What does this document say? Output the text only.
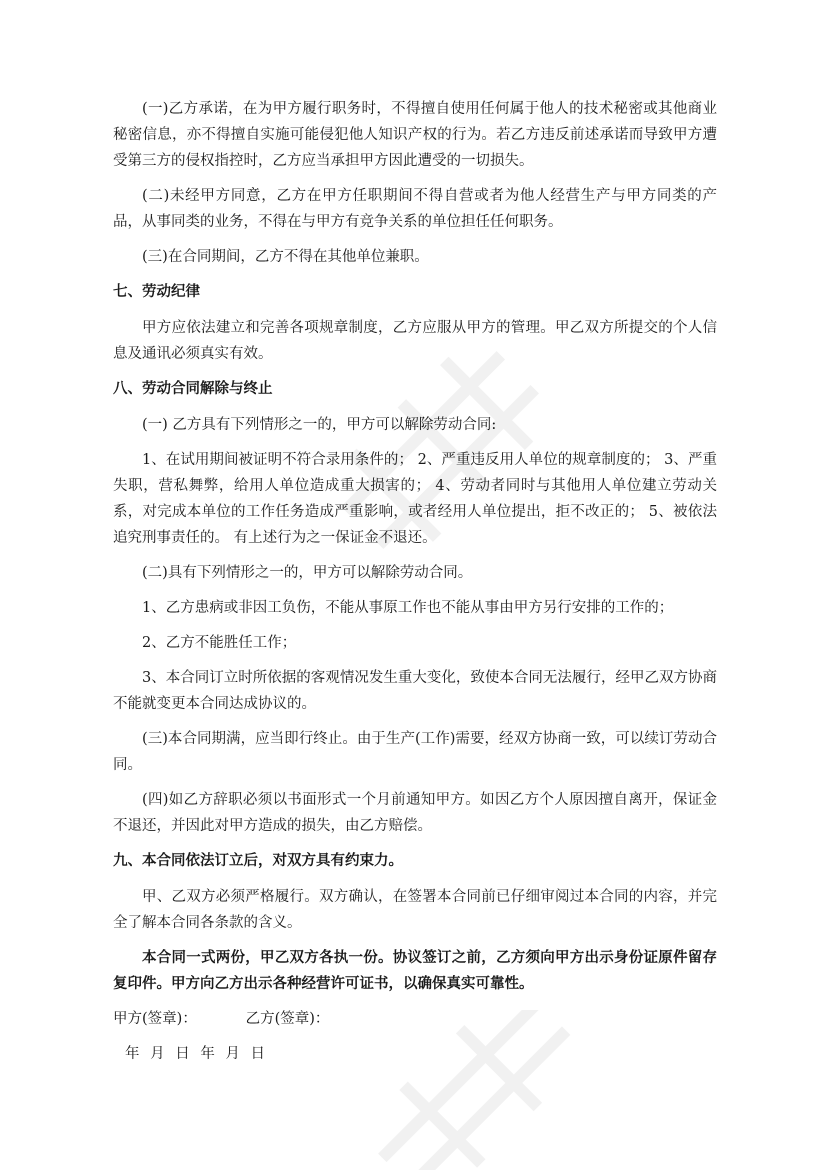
(一)乙方承诺，在为甲方履行职务时，不得擅自使用任何属于他人的技术秘密或其他商业秘密信息，亦不得擅自实施可能侵犯他人知识产权的行为。若乙方违反前述承诺而导致甲方遭受第三方的侵权指控时，乙方应当承担甲方因此遭受的一切损失。

(二)未经甲方同意，乙方在甲方任职期间不得自营或者为他人经营生产与甲方同类的产品，从事同类的业务，不得在与甲方有竞争关系的单位担任任何职务。

(三)在合同期间，乙方不得在其他单位兼职。

七、劳动纪律

甲方应依法建立和完善各项规章制度，乙方应服从甲方的管理。甲乙双方所提交的个人信息及通讯必须真实有效。

八、劳动合同解除与终止

(一) 乙方具有下列情形之一的，甲方可以解除劳动合同:

1、在试用期间被证明不符合录用条件的； 2、严重违反用人单位的规章制度的； 3、严重失职，营私舞弊，给用人单位造成重大损害的； 4、劳动者同时与其他用人单位建立劳动关系，对完成本单位的工作任务造成严重影响，或者经用人单位提出，拒不改正的； 5、被依法追究刑事责任的。 有上述行为之一保证金不退还。

(二)具有下列情形之一的，甲方可以解除劳动合同。

1、乙方患病或非因工负伤，不能从事原工作也不能从事由甲方另行安排的工作的；

2、乙方不能胜任工作；

3、本合同订立时所依据的客观情况发生重大变化，致使本合同无法履行，经甲乙双方协商不能就变更本合同达成协议的。

(三)本合同期满，应当即行终止。由于生产(工作)需要，经双方协商一致，可以续订劳动合同。

(四)如乙方辞职必须以书面形式一个月前通知甲方。如因乙方个人原因擅自离开，保证金不退还，并因此对甲方造成的损失，由乙方赔偿。

九、本合同依法订立后，对双方具有约束力。

甲、乙双方必须严格履行。双方确认，在签署本合同前已仔细审阅过本合同的内容，并完全了解本合同各条款的含义。

本合同一式两份，甲乙双方各执一份。协议签订之前，乙方须向甲方出示身份证原件留存复印件。甲方向乙方出示各种经营许可证书，以确保真实可靠性。

甲方(签章)：	乙方(签章)：

年 月 日 年 月 日
